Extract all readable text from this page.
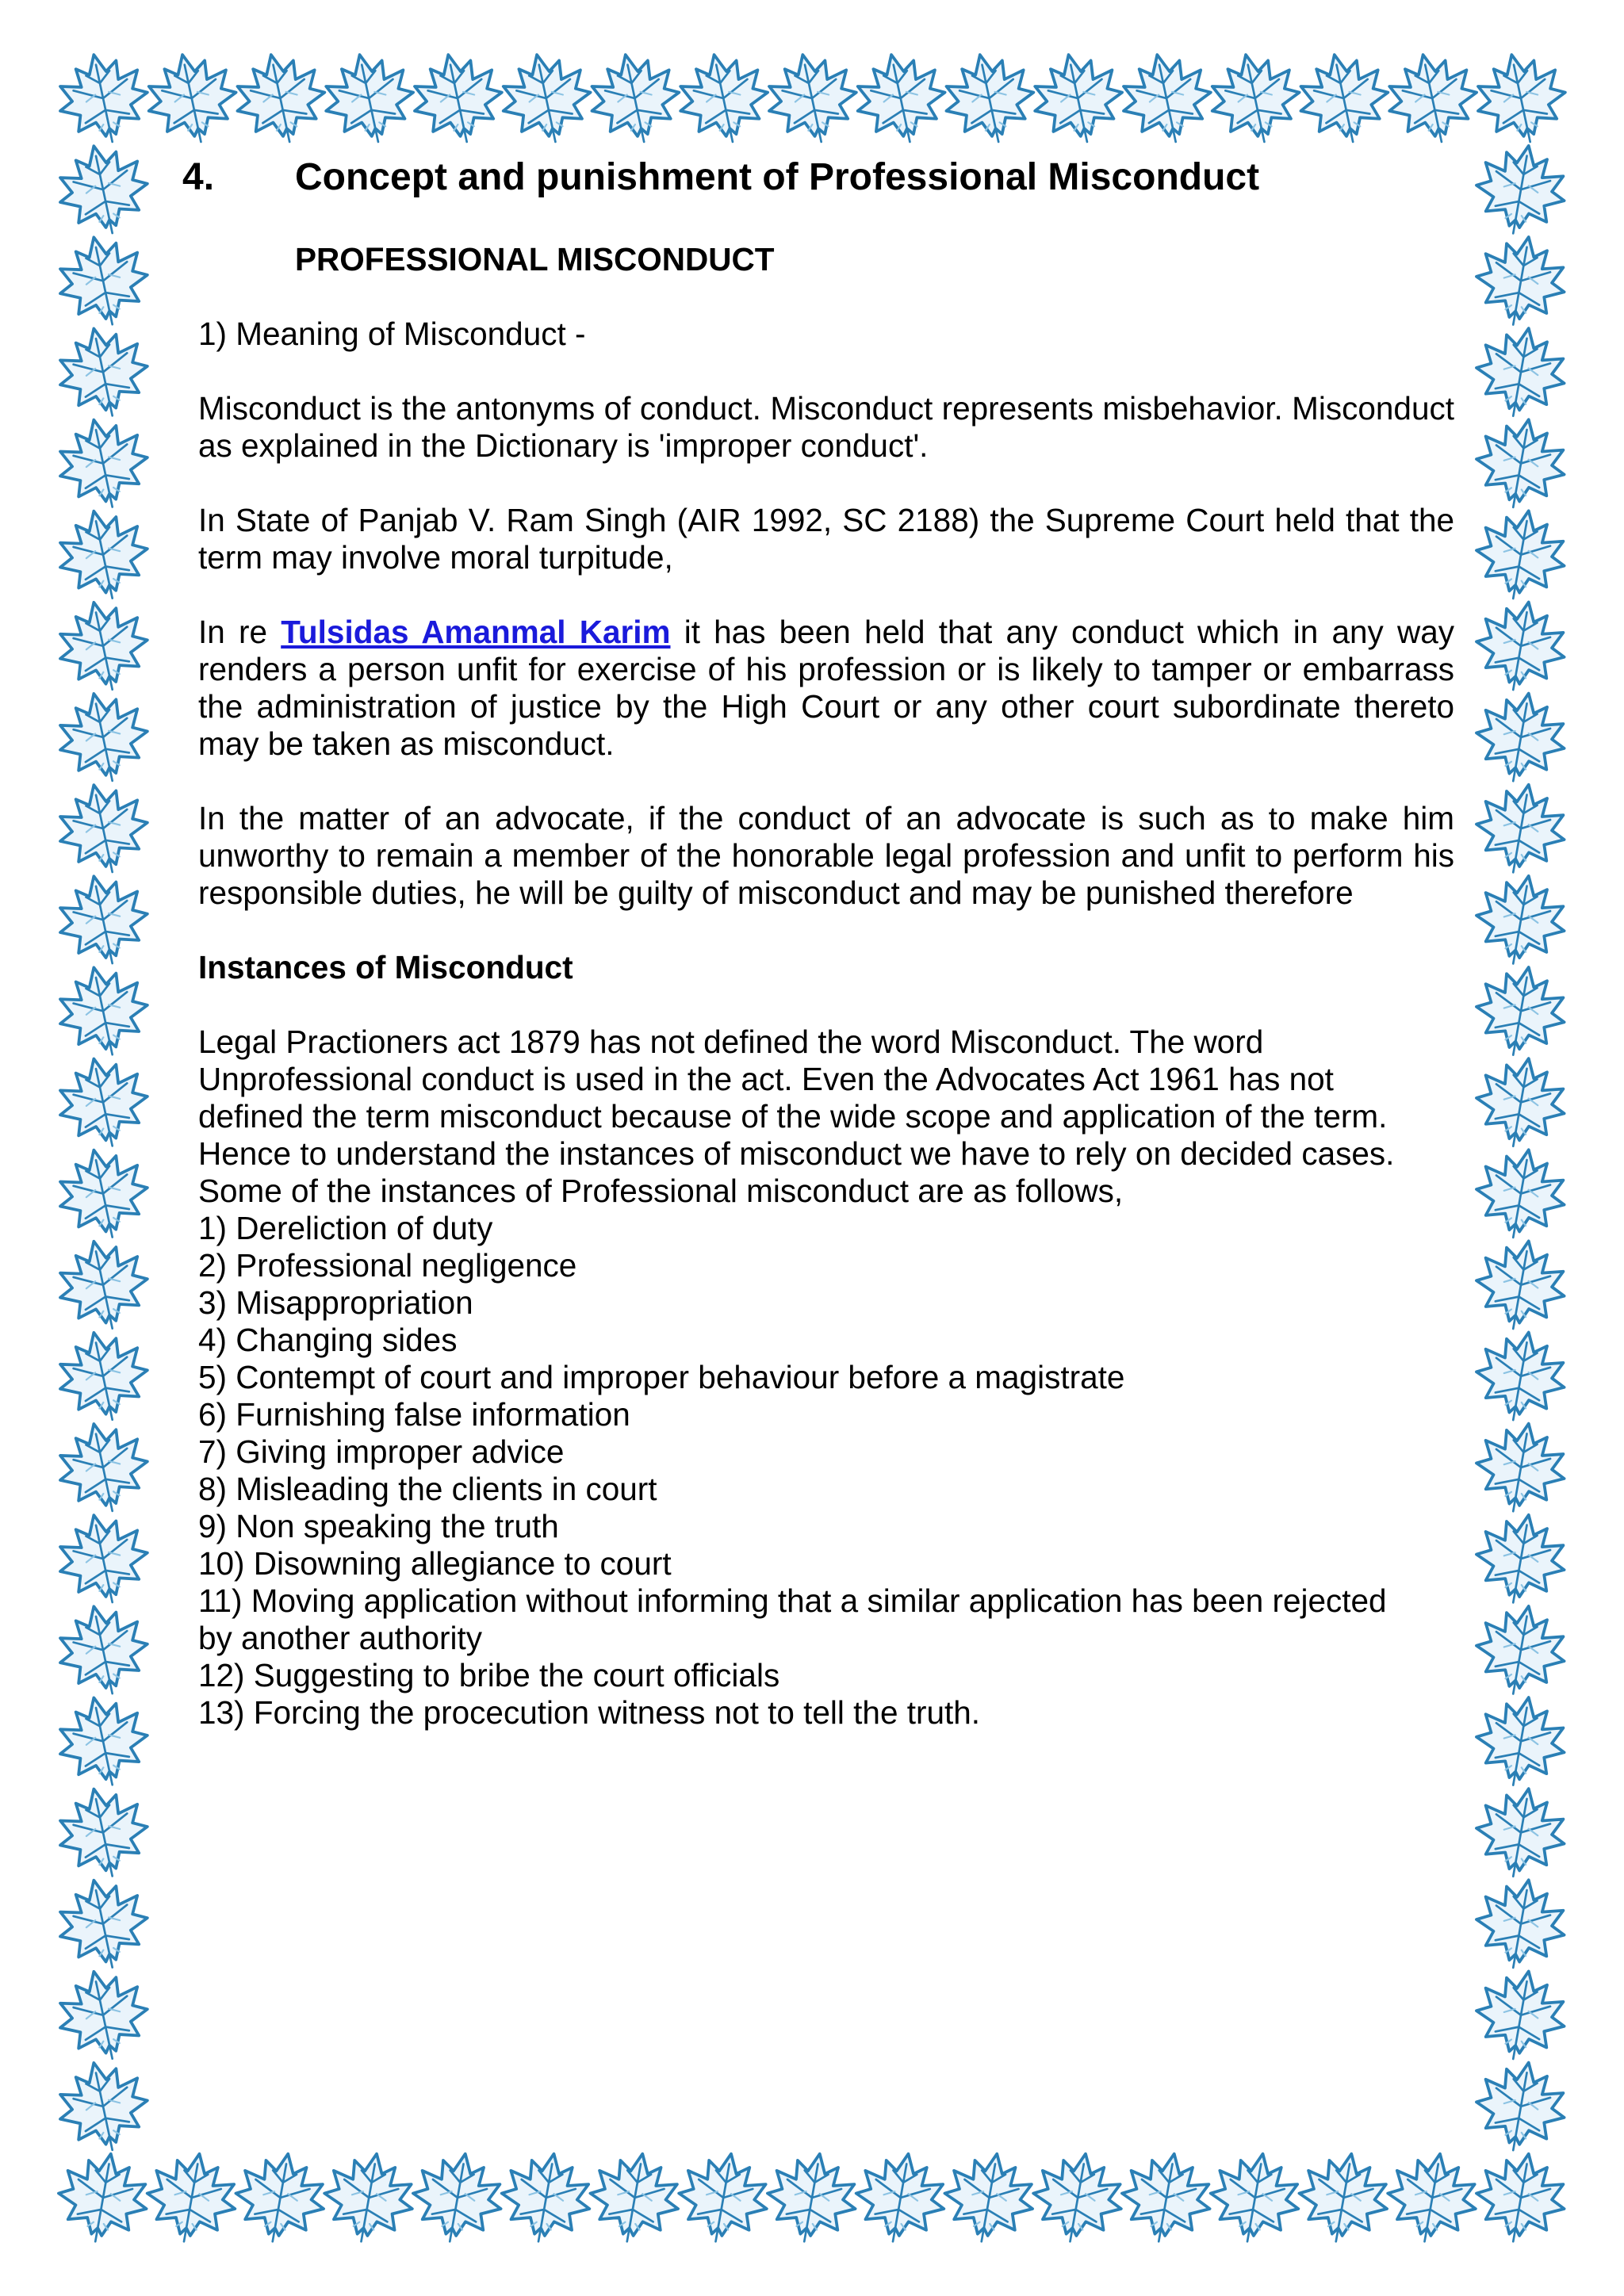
4. Concept and punishment of Professional Misconduct
PROFESSIONAL MISCONDUCT

1) Meaning of Misconduct -

Misconduct is the antonyms of conduct. Misconduct represents misbehavior. Misconduct as explained in the Dictionary is 'improper conduct'.

In State of Panjab V. Ram Singh (AIR 1992, SC 2188) the Supreme Court held that the term may involve moral turpitude,

In re Tulsidas Amanmal Karim it has been held that any conduct which in any way renders a person unfit for exercise of his profession or is likely to tamper or embarrass the administration of justice by the High Court or any other court subordinate thereto may be taken as misconduct.

In the matter of an advocate, if the conduct of an advocate is such as to make him unworthy to remain a member of the honorable legal profession and unfit to perform his responsible duties, he will be guilty of misconduct and may be punished therefore

Instances of Misconduct

Legal Practioners act 1879 has not defined the word Misconduct. The word

Unprofessional conduct is used in the act. Even the Advocates Act 1961 has not

defined the term misconduct because of the wide scope and application of the term.

Hence to understand the instances of misconduct we have to rely on decided cases.

Some of the instances of Professional misconduct are as follows,

1) Dereliction of duty

2) Professional negligence

3) Misappropriation

4) Changing sides

5) Contempt of court and improper behaviour before a magistrate

6) Furnishing false information

7) Giving improper advice

8) Misleading the clients in court

9) Non speaking the truth

10) Disowning allegiance to court

11) Moving application without informing that a similar application has been rejected

by another authority

12) Suggesting to bribe the court officials

13) Forcing the procecution witness not to tell the truth.
